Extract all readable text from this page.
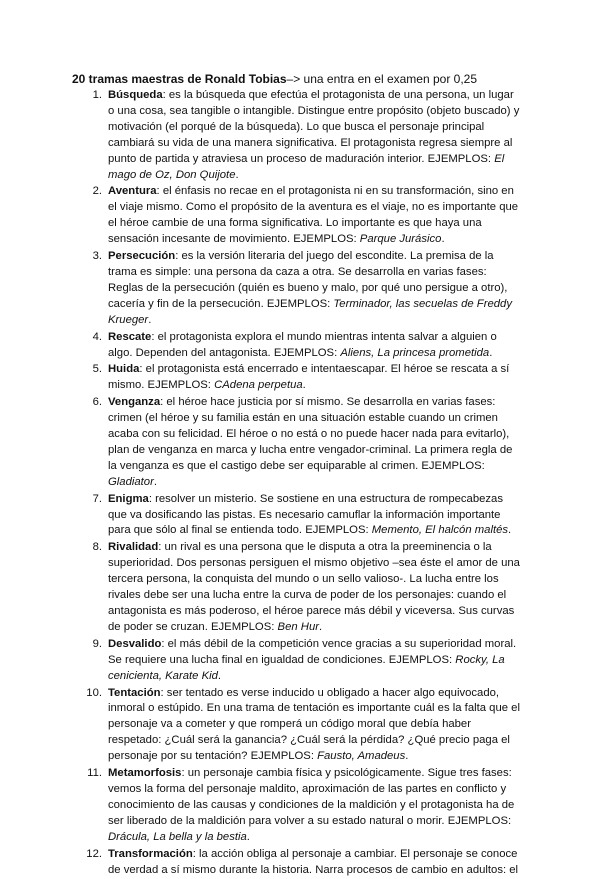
20 tramas maestras de Ronald Tobias–> una entra en el examen por 0,25
1. Búsqueda: es la búsqueda que efectúa el protagonista de una persona, un lugar o una cosa, sea tangible o intangible. Distingue entre propósito (objeto buscado) y motivación (el porqué de la búsqueda). Lo que busca el personaje principal cambiará su vida de una manera significativa. El protagonista regresa siempre al punto de partida y atraviesa un proceso de maduración interior. EJEMPLOS: El mago de Oz, Don Quijote.
2. Aventura: el énfasis no recae en el protagonista ni en su transformación, sino en el viaje mismo. Como el propósito de la aventura es el viaje, no es importante que el héroe cambie de una forma significativa. Lo importante es que haya una sensación incesante de movimiento. EJEMPLOS: Parque Jurásico.
3. Persecución: es la versión literaria del juego del escondite. La premisa de la trama es simple: una persona da caza a otra. Se desarrolla en varias fases: Reglas de la persecución (quién es bueno y malo, por qué uno persigue a otro), cacería y fin de la persecución. EJEMPLOS: Terminador, las secuelas de Freddy Krueger.
4. Rescate: el protagonista explora el mundo mientras intenta salvar a alguien o algo. Dependen del antagonista. EJEMPLOS: Aliens, La princesa prometida.
5. Huida: el protagonista está encerrado e intentaescapar. El héroe se rescata a sí mismo. EJEMPLOS: CAdena perpetua.
6. Venganza: el héroe hace justicia por sí mismo. Se desarrolla en varias fases: crimen (el héroe y su familia están en una situación estable cuando un crimen acaba con su felicidad. El héroe o no está o no puede hacer nada para evitarlo), plan de venganza en marca y lucha entre vengador-criminal. La primera regla de la venganza es que el castigo debe ser equiparable al crimen. EJEMPLOS: Gladiator.
7. Enigma: resolver un misterio. Se sostiene en una estructura de rompecabezas que va dosificando las pistas. Es necesario camuflar la información importante para que sólo al final se entienda todo. EJEMPLOS: Memento, El halcón maltés.
8. Rivalidad: un rival es una persona que le disputa a otra la preeminencia o la superioridad. Dos personas persiguen el mismo objetivo –sea éste el amor de una tercera persona, la conquista del mundo o un sello valioso-. La lucha entre los rivales debe ser una lucha entre la curva de poder de los personajes: cuando el antagonista es más poderoso, el héroe parece más débil y viceversa. Sus curvas de poder se cruzan. EJEMPLOS: Ben Hur.
9. Desvalido: el más débil de la competición vence gracias a su superioridad moral. Se requiere una lucha final en igualdad de condiciones. EJEMPLOS: Rocky, La cenicienta, Karate Kid.
10. Tentación: ser tentado es verse inducido u obligado a hacer algo equivocado, inmoral o estúpido. En una trama de tentación es importante cuál es la falta que el personaje va a cometer y que romperá un código moral que debía haber respetado: ¿Cuál será la ganancia? ¿Cuál será la pérdida? ¿Qué precio paga el personaje por su tentación? EJEMPLOS: Fausto, Amadeus.
11. Metamorfosis: un personaje cambia física y psicológicamente. Sigue tres fases: vemos la forma del personaje maldito, aproximación de las partes en conflicto y conocimiento de las causas y condiciones de la maldición y el protagonista ha de ser liberado de la maldición para volver a su estado natural o morir. EJEMPLOS: Drácula, La bella y la bestia.
12. Transformación: la acción obliga al personaje a cambiar. El personaje se conoce de verdad a sí mismo durante la historia. Narra procesos de cambio en adultos: el
